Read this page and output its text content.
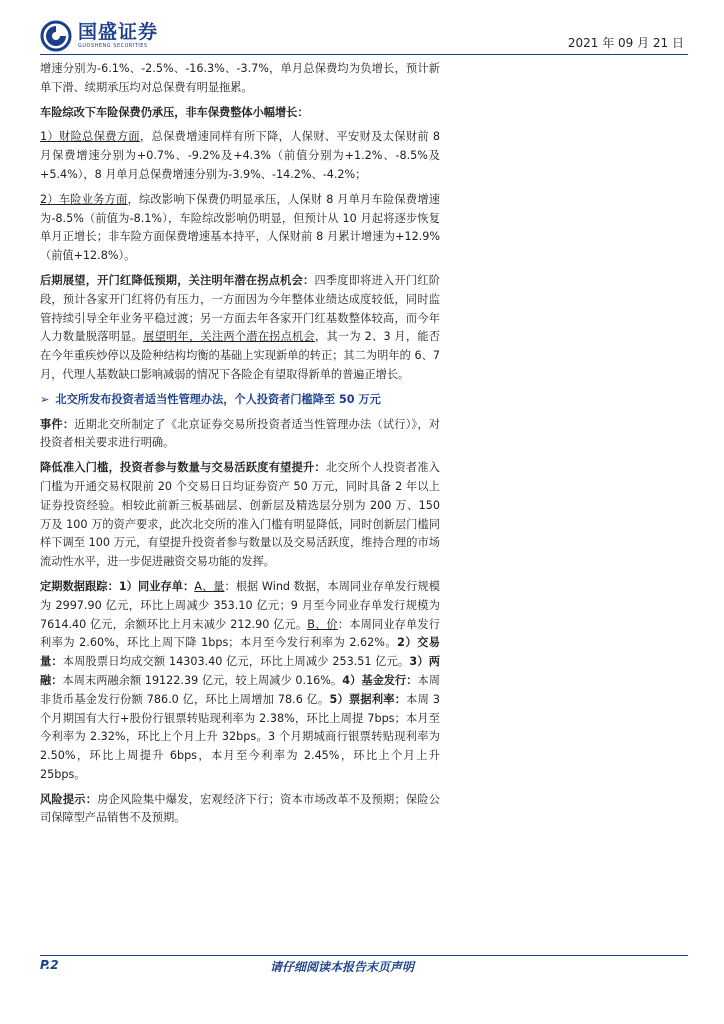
国盛证券
GUOSHENG SECURITIES	2021 年 09 月 21 日

增速分别为-6.1%、-2.5%、-16.3%、-3.7%，单月总保费均为负增长，预计新单下滑、续期承压均对总保费有明显拖累。

车险综改下车险保费仍承压，非车保费整体小幅增长：

1）财险总保费方面，总保费增速同样有所下降，人保财、平安财及太保财前 8 月保费增速分别为+0.7%、-9.2%及+4.3%（前值分别为+1.2%、-8.5%及+5.4%），8 月单月总保费增速分别为-3.9%、-14.2%、-4.2%；

2）车险业务方面，综改影响下保费仍明显承压，人保财 8 月单月车险保费增速为-8.5%（前值为-8.1%），车险综改影响仍明显，但预计从 10 月起将逐步恢复单月正增长；非车险方面保费增速基本持平，人保财前 8 月累计增速为+12.9%（前值+12.8%）。

后期展望，开门红降低预期，关注明年潜在拐点机会：四季度即将进入开门红阶段，预计各家开门红将仍有压力，一方面因为今年整体业绩达成度较低，同时监管持续引导全年业务平稳过渡；另一方面去年各家开门红基数整体较高，而今年人力数量脱落明显。展望明年，关注两个潜在拐点机会，其一为 2、3 月，能否在今年重疾炒停以及险种结构均衡的基础上实现新单的转正；其二为明年的 6、7 月，代理人基数缺口影响减弱的情况下各险企有望取得新单的普遍正增长。

➢ 北交所发布投资者适当性管理办法，个人投资者门槛降至 50 万元

事件：近期北交所制定了《北京证券交易所投资者适当性管理办法（试行）》，对投资者相关要求进行明确。

降低准入门槛，投资者参与数量与交易活跃度有望提升：北交所个人投资者准入门槛为开通交易权限前 20 个交易日日均证券资产 50 万元，同时具备 2 年以上证券投资经验。相较此前新三板基础层、创新层及精选层分别为 200 万、150 万及 100 万的资产要求，此次北交所的准入门槛有明显降低，同时创新层门槛同样下调至 100 万元，有望提升投资者参与数量以及交易活跃度，维持合理的市场流动性水平，进一步促进融资交易功能的发挥。

定期数据跟踪：1）同业存单：A、量：根据 Wind 数据，本周同业存单发行规模为 2997.90 亿元，环比上周减少 353.10 亿元；9 月至今同业存单发行规模为 7614.40 亿元，余额环比上月末减少 212.90 亿元。B、价：本周同业存单发行利率为 2.60%，环比上周下降 1bps；本月至今发行利率为 2.62%。2）交易量：本周股票日均成交额 14303.40 亿元，环比上周减少 253.51 亿元。3）两融：本周末两融余额 19122.39 亿元，较上周减少 0.16%。4）基金发行：本周非货币基金发行份额 786.0 亿，环比上周增加 78.6 亿。5）票据利率：本周 3 个月期国有大行+股份行银票转贴现利率为 2.38%，环比上周提 7bps；本月至今利率为 2.32%，环比上个月上升 32bps。3 个月期城商行银票转贴现利率为 2.50%，环比上周提升 6bps，本月至今利率为 2.45%，环比上个月上升 25bps。

风险提示：房企风险集中爆发，宏观经济下行；资本市场改革不及预期；保险公司保障型产品销售不及预期。

P.2	请仔细阅读本报告末页声明
